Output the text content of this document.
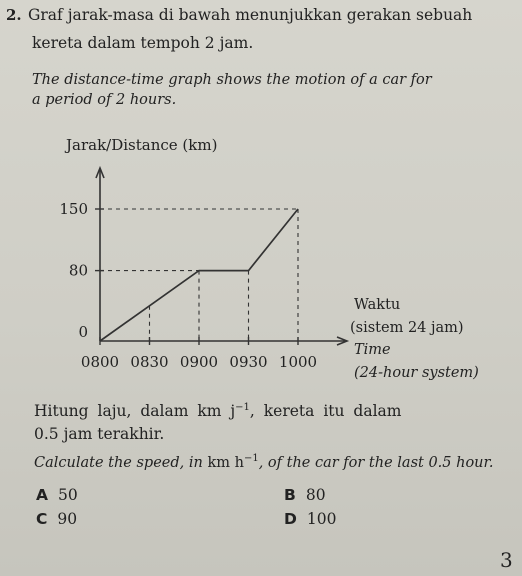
2. Graf jarak-masa di bawah menunjukkan gerakan sebuah
kereta dalam tempoh 2 jam.
The distance-time graph shows the motion of a car for
a period of 2 hours.
Jarak/Distance (km)
0800 0830 0900 0930 1000
150
80
0
Waktu
(sistem 24 jam)
Time
(24-hour system)
Hitung laju, dalam km $j^{-1}$, kereta itu dalam
0.5 jam terakhir.
Calculate the speed, in km $h^{-1}$, of the car for the last 0.5 hour.
A 50	B 80
C 90	D 100
3
